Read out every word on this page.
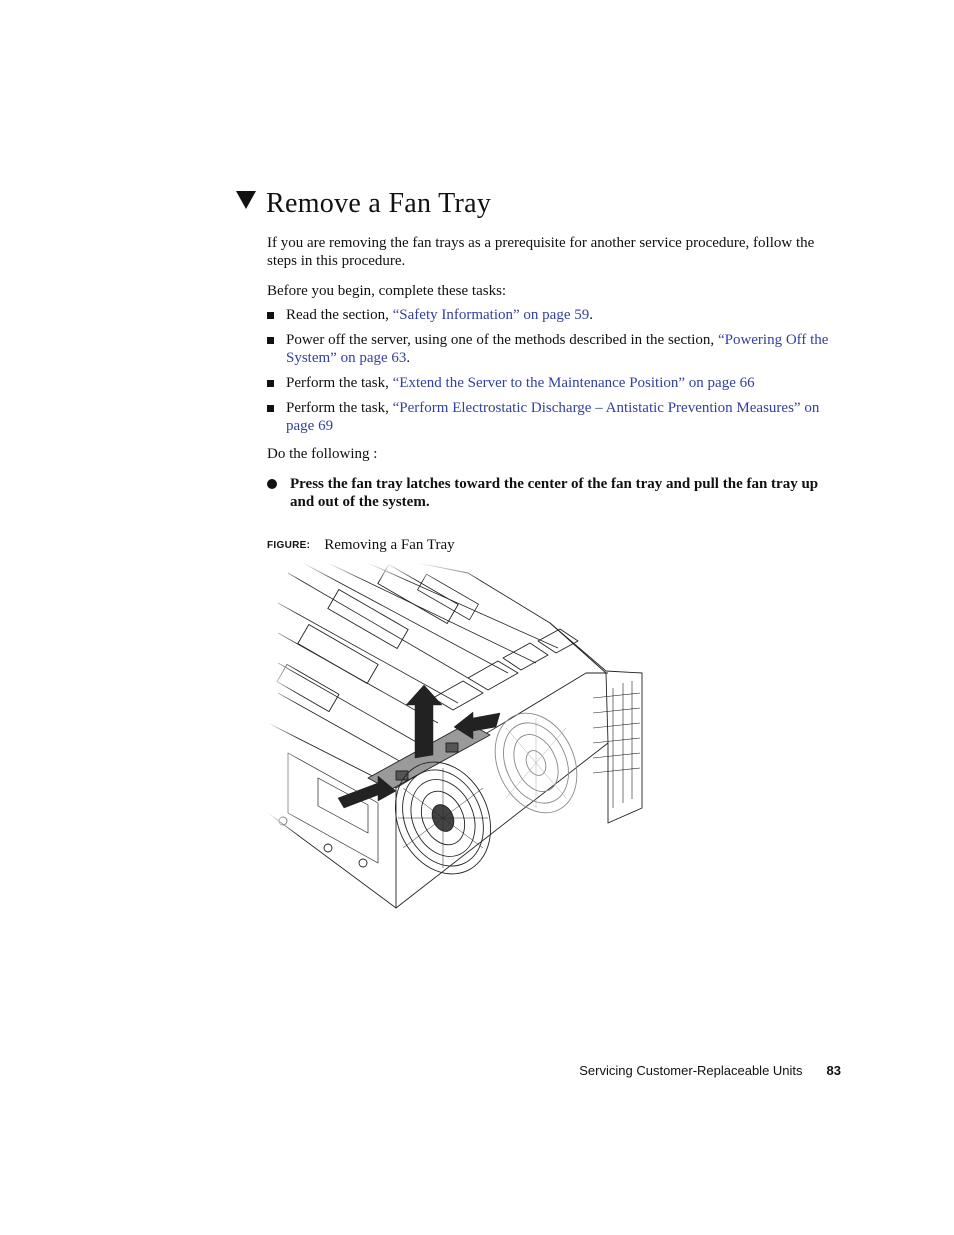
Remove a Fan Tray

If you are removing the fan trays as a prerequisite for another service procedure, follow the steps in this procedure.

Before you begin, complete these tasks:

Read the section, “Safety Information” on page 59.
Power off the server, using one of the methods described in the section, “Powering Off the System” on page 63.
Perform the task, “Extend the Server to the Maintenance Position” on page 66
Perform the task, “Perform Electrostatic Discharge – Antistatic Prevention Measures” on page 69

Do the following :

Press the fan tray latches toward the center of the fan tray and pull the fan tray up and out of the system.
FIGURE: Removing a Fan Tray
Servicing Customer-Replaceable Units 83
